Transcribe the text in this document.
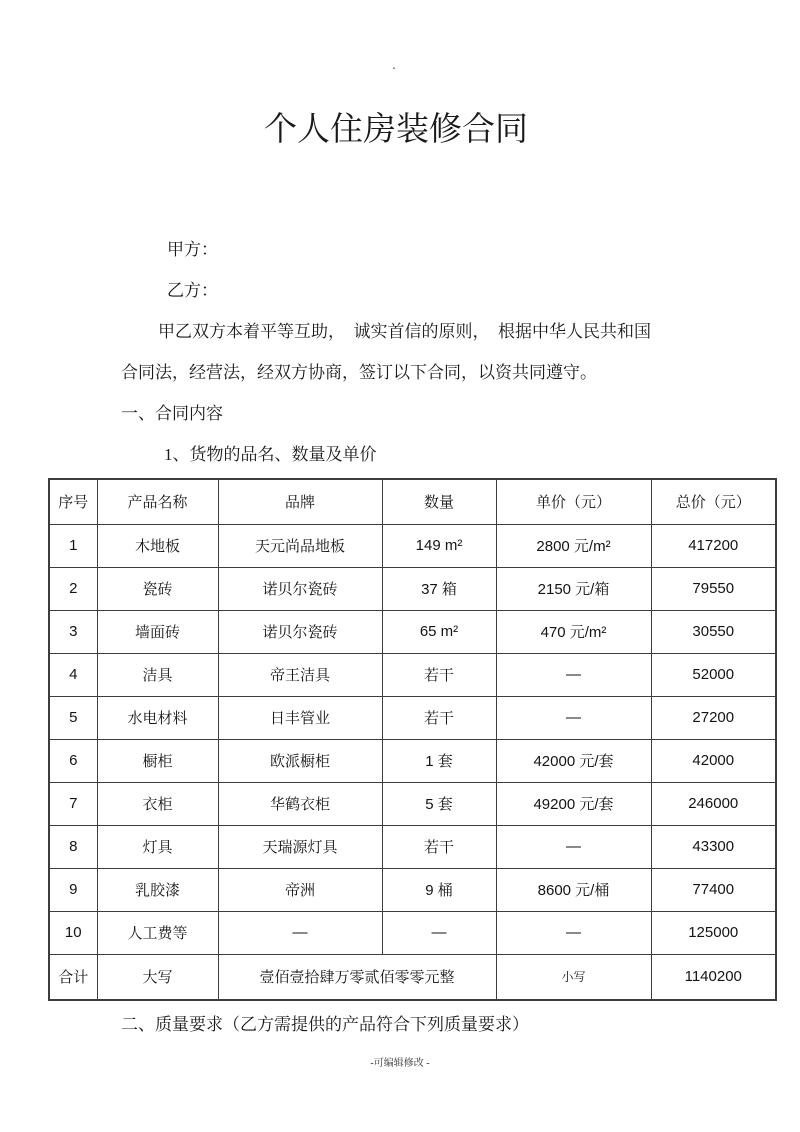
.
个人住房装修合同

甲方：

乙方：

甲乙双方本着平等互助，  诚实首信的原则，  根据中华人民共和国

合同法，经营法，经双方协商，签订以下合同，以资共同遵守。

一、合同内容

1、货物的品名、数量及单价

序号	产品名称	品牌	数量	单价（元）	总价（元）
1	木地板	天元尚品地板	149 m²	2800 元/m²	417200
2	瓷砖	诺贝尔瓷砖	37 箱	2150 元/箱	79550
3	墙面砖	诺贝尔瓷砖	65 m²	470 元/m²	30550
4	洁具	帝王洁具	若干	—	52000
5	水电材料	日丰管业	若干	—	27200
6	橱柜	欧派橱柜	1 套	42000 元/套	42000
7	衣柜	华鹤衣柜	5 套	49200 元/套	246000
8	灯具	天瑞源灯具	若干	—	43300
9	乳胶漆	帝洲	9 桶	8600 元/桶	77400
10	人工费等	—	—	—	125000
合计	大写	壹佰壹拾肆万零贰佰零零元整		小写	1140200

二、质量要求（乙方需提供的产品符合下列质量要求）

-可编辑修改 -
